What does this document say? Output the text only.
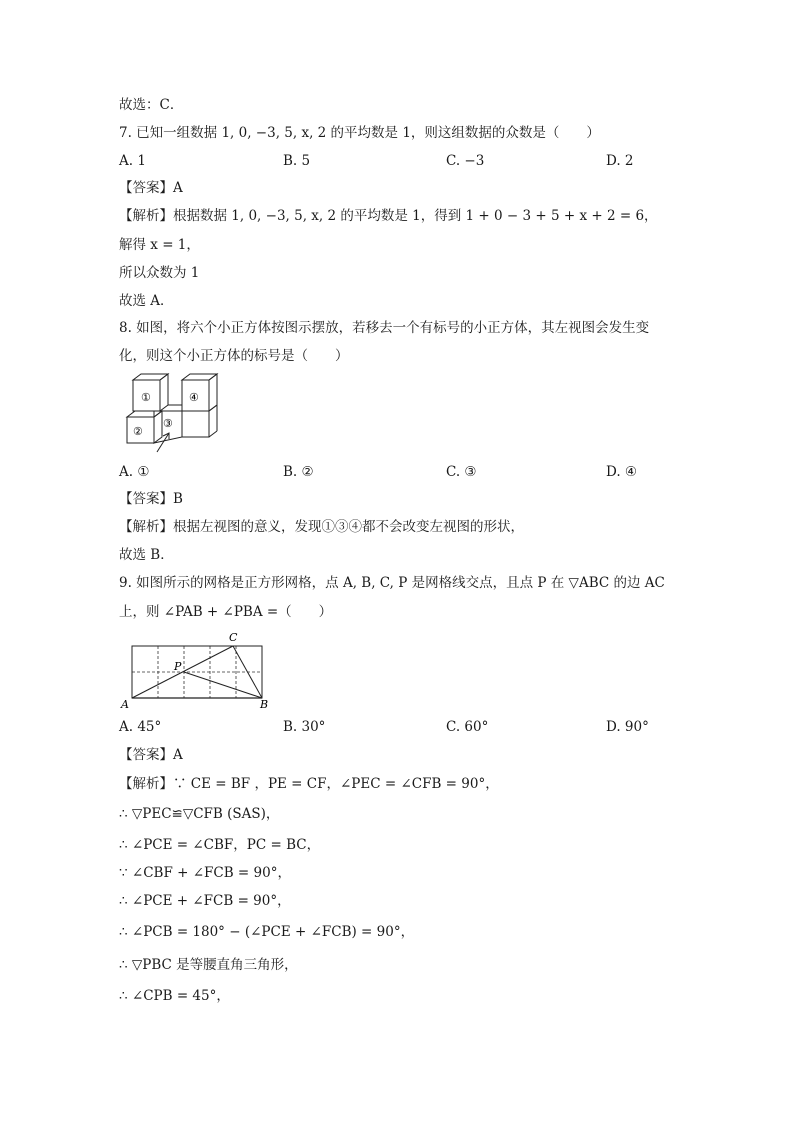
故选：C．
7. 已知一组数据 1, 0, −3, 5, x, 2 的平均数是 1，则这组数据的众数是（　　）
A. 1	B. 5	C. −3	D. 2
【答案】A
【解析】根据数据 1, 0, −3, 5, x, 2 的平均数是 1，得到 1 + 0 − 3 + 5 + x + 2 = 6，
解得 x = 1，
所以众数为 1
故选 A．
8. 如图，将六个小正方体按图示摆放，若移去一个有标号的小正方体，其左视图会发生变
化，则这个小正方体的标号是（　　）
①	④
②
③
A. ①	B. ②	C. ③	D. ④
【答案】B
【解析】根据左视图的意义，发现①③④都不会改变左视图的形状，
故选 B．
9. 如图所示的网格是正方形网格，点 A, B, C, P 是网格线交点，且点 P 在 ▽ABC 的边 AC
上，则 ∠PAB + ∠PBA =（　　）
A	B
C
P
A. 45°	B. 30°	C. 60°	D. 90°
【答案】A
【解析】∵ CE = BF ，PE = CF，∠PEC = ∠CFB = 90°，
∴ ▽PEC≌▽CFB (SAS)，
∴ ∠PCE = ∠CBF，PC = BC，
∵ ∠CBF + ∠FCB = 90°，
∴ ∠PCE + ∠FCB = 90°，
∴ ∠PCB = 180° − (∠PCE + ∠FCB) = 90°，
∴ ▽PBC 是等腰直角三角形，
∴ ∠CPB = 45°，
